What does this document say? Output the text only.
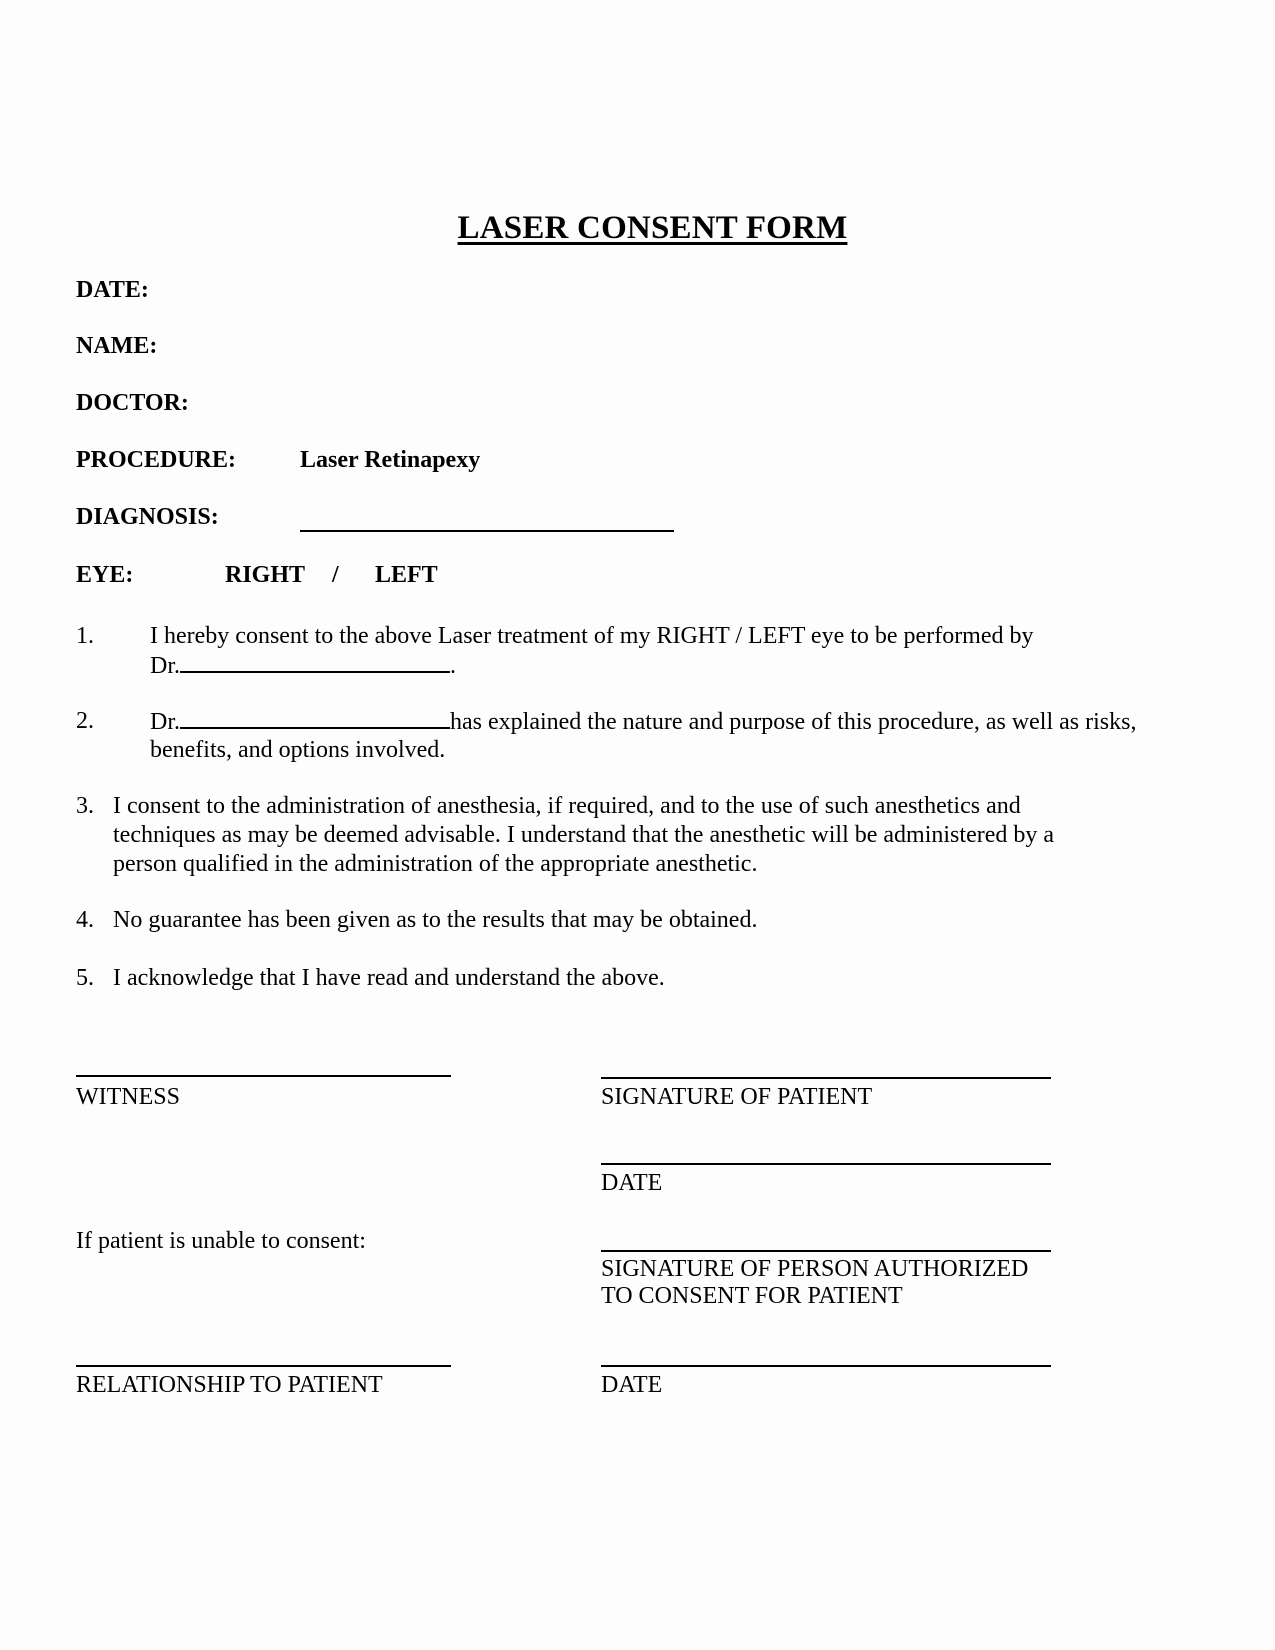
LASER CONSENT FORM
DATE:
NAME:
DOCTOR:
PROCEDURE:	Laser Retinapexy
DIAGNOSIS:
EYE:	RIGHT / LEFT
1. I hereby consent to the above Laser treatment of my RIGHT / LEFT eye to be performed by
Dr.	.
2. Dr.	has explained the nature and purpose of this procedure, as well as risks,
benefits, and options involved.
3. I consent to the administration of anesthesia, if required, and to the use of such anesthetics and
techniques as may be deemed advisable. I understand that the anesthetic will be administered by a
person qualified in the administration of the appropriate anesthetic.
4. No guarantee has been given as to the results that may be obtained.
5. I acknowledge that I have read and understand the above.
WITNESS	SIGNATURE OF PATIENT
DATE
If patient is unable to consent:
SIGNATURE OF PERSON AUTHORIZED
TO CONSENT FOR PATIENT
RELATIONSHIP TO PATIENT	DATE
